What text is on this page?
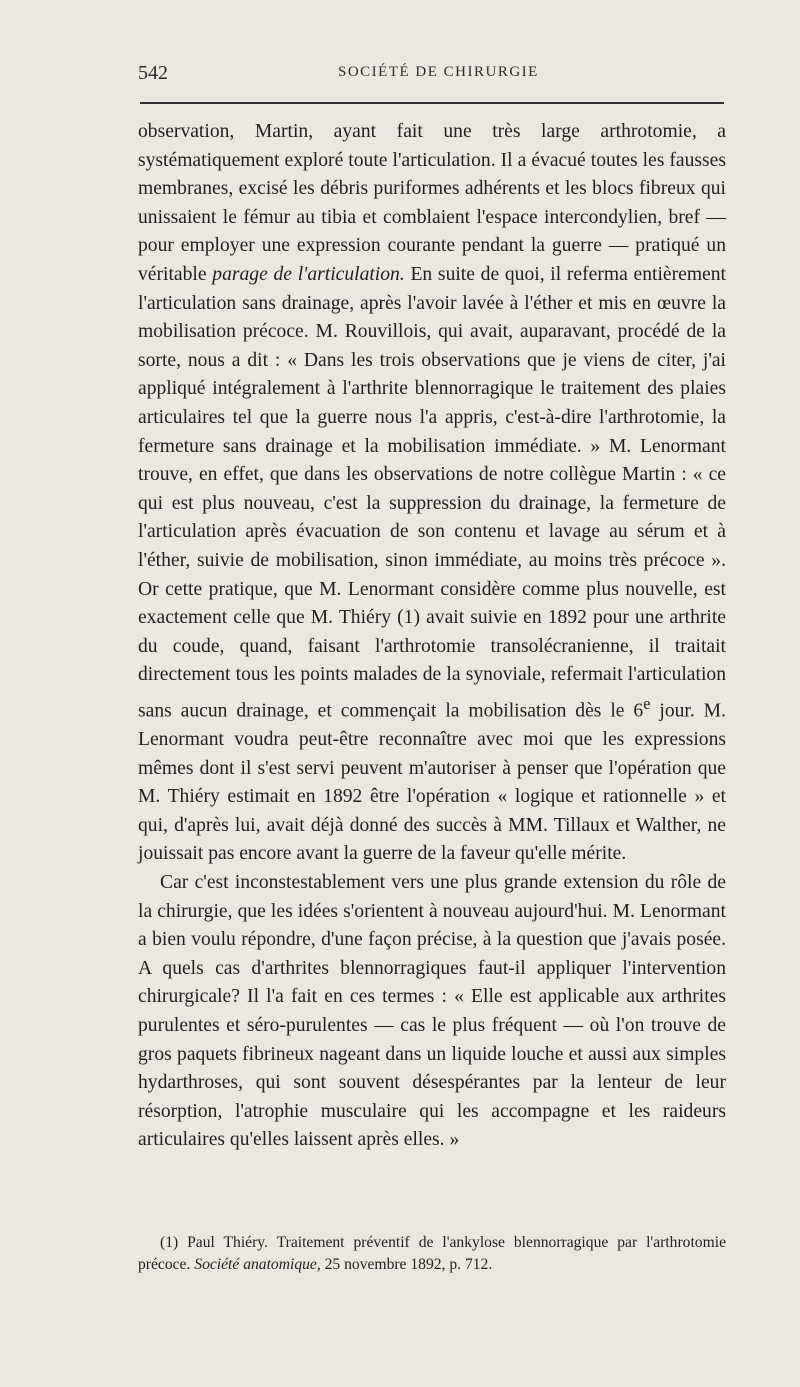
542	SOCIÉTÉ DE CHIRURGIE

observation, Martin, ayant fait une très large arthrotomie, a systématiquement exploré toute l'articulation. Il a évacué toutes les fausses membranes, excisé les débris puriformes adhérents et les blocs fibreux qui unissaient le fémur au tibia et comblaient l'espace intercondylien, bref — pour employer une expression courante pendant la guerre — pratiqué un véritable parage de l'articulation. En suite de quoi, il referma entièrement l'articulation sans drainage, après l'avoir lavée à l'éther et mis en œuvre la mobilisation précoce. M. Rouvillois, qui avait, auparavant, procédé de la sorte, nous a dit : « Dans les trois observations que je viens de citer, j'ai appliqué intégralement à l'arthrite blennorragique le traitement des plaies articulaires tel que la guerre nous l'a appris, c'est-à-dire l'arthrotomie, la fermeture sans drainage et la mobilisation immédiate. » M. Lenormant trouve, en effet, que dans les observations de notre collègue Martin : « ce qui est plus nouveau, c'est la suppression du drainage, la fermeture de l'articulation après évacuation de son contenu et lavage au sérum et à l'éther, suivie de mobilisation, sinon immédiate, au moins très précoce ». Or cette pratique, que M. Lenormant considère comme plus nouvelle, est exactement celle que M. Thiéry (1) avait suivie en 1892 pour une arthrite du coude, quand, faisant l'arthrotomie transolécranienne, il traitait directement tous les points malades de la synoviale, refermait l'articulation sans aucun drainage, et commençait la mobilisation dès le 6e jour. M. Lenormant voudra peut-être reconnaître avec moi que les expressions mêmes dont il s'est servi peuvent m'autoriser à penser que l'opération que M. Thiéry estimait en 1892 être l'opération « logique et rationnelle » et qui, d'après lui, avait déjà donné des succès à MM. Tillaux et Walther, ne jouissait pas encore avant la guerre de la faveur qu'elle mérite.

Car c'est inconstestablement vers une plus grande extension du rôle de la chirurgie, que les idées s'orientent à nouveau aujourd'hui. M. Lenormant a bien voulu répondre, d'une façon précise, à la question que j'avais posée. A quels cas d'arthrites blennorragiques faut-il appliquer l'intervention chirurgicale? Il l'a fait en ces termes : « Elle est applicable aux arthrites purulentes et séro-purulentes — cas le plus fréquent — où l'on trouve de gros paquets fibrineux nageant dans un liquide louche et aussi aux simples hydarthroses, qui sont souvent désespérantes par la lenteur de leur résorption, l'atrophie musculaire qui les accompagne et les raideurs articulaires qu'elles laissent après elles. »

(1) Paul Thiéry. Traitement préventif de l'ankylose blennorragique par l'arthrotomie précoce. Société anatomique, 25 novembre 1892, p. 712.
